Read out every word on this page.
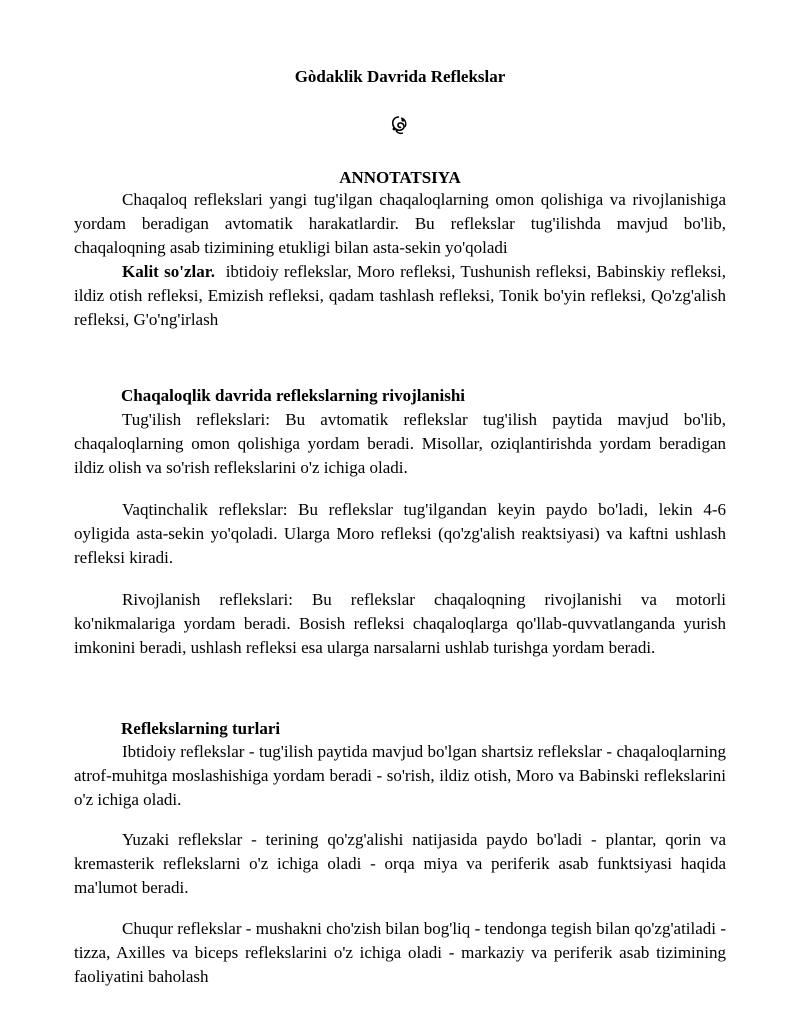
Gòdaklik Davrida Reflekslar
ANNOTATSIYA

Chaqaloq reflekslari yangi tug'ilgan chaqaloqlarning omon qolishiga va rivojlanishiga yordam beradigan avtomatik harakatlardir. Bu reflekslar tug'ilishda mavjud bo'lib, chaqaloqning asab tizimining etukligi bilan asta-sekin yo'qoladi

Kalit so'zlar. ibtidoiy reflekslar, Moro refleksi, Tushunish refleksi, Babinskiy refleksi, ildiz otish refleksi, Emizish refleksi, qadam tashlash refleksi, Tonik bo'yin refleksi, Qo'zg'alish refleksi, G'o'ng'irlash

Chaqaloqlik davrida reflekslarning rivojlanishi

Tug'ilish reflekslari: Bu avtomatik reflekslar tug'ilish paytida mavjud bo'lib, chaqaloqlarning omon qolishiga yordam beradi. Misollar, oziqlantirishda yordam beradigan ildiz olish va so'rish reflekslarini o'z ichiga oladi.

Vaqtinchalik reflekslar: Bu reflekslar tug'ilgandan keyin paydo bo'ladi, lekin 4-6 oyligida asta-sekin yo'qoladi. Ularga Moro refleksi (qo'zg'alish reaktsiyasi) va kaftni ushlash refleksi kiradi.

Rivojlanish reflekslari: Bu reflekslar chaqaloqning rivojlanishi va motorli ko'nikmalariga yordam beradi. Bosish refleksi chaqaloqlarga qo'llab-quvvatlanganda yurish imkonini beradi, ushlash refleksi esa ularga narsalarni ushlab turishga yordam beradi.

Reflekslarning turlari

Ibtidoiy reflekslar - tug'ilish paytida mavjud bo'lgan shartsiz reflekslar - chaqaloqlarning atrof-muhitga moslashishiga yordam beradi - so'rish, ildiz otish, Moro va Babinski reflekslarini o'z ichiga oladi.

Yuzaki reflekslar - terining qo'zg'alishi natijasida paydo bo'ladi - plantar, qorin va kremasterik reflekslarni o'z ichiga oladi - orqa miya va periferik asab funktsiyasi haqida ma'lumot beradi.

Chuqur reflekslar - mushakni cho'zish bilan bog'liq - tendonga tegish bilan qo'zg'atiladi - tizza, Axilles va biceps reflekslarini o'z ichiga oladi - markaziy va periferik asab tizimining faoliyatini baholash
